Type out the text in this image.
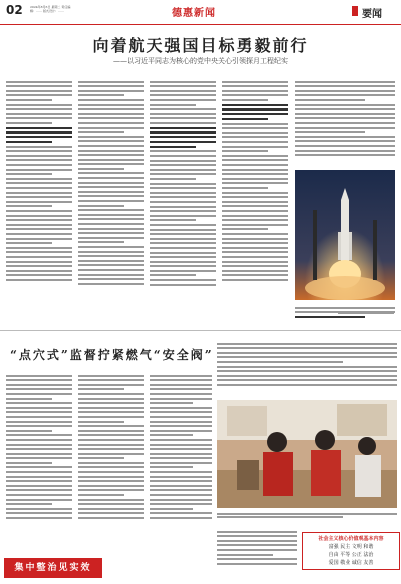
02 2024年8月6日 星期二 责任编辑：…… 版式设计：……	德惠新闻	要闻
向着航天强国目标勇毅前行
——以习近平同志为核心的党中央关心引领探月工程纪实
“点穴式”监督拧紧燃气“安全阀”
集中整治见实效
社会主义核心价值观基本内容
富强 民主 文明 和谐
自由 平等 公正 法治
爱国 敬业 诚信 友善
